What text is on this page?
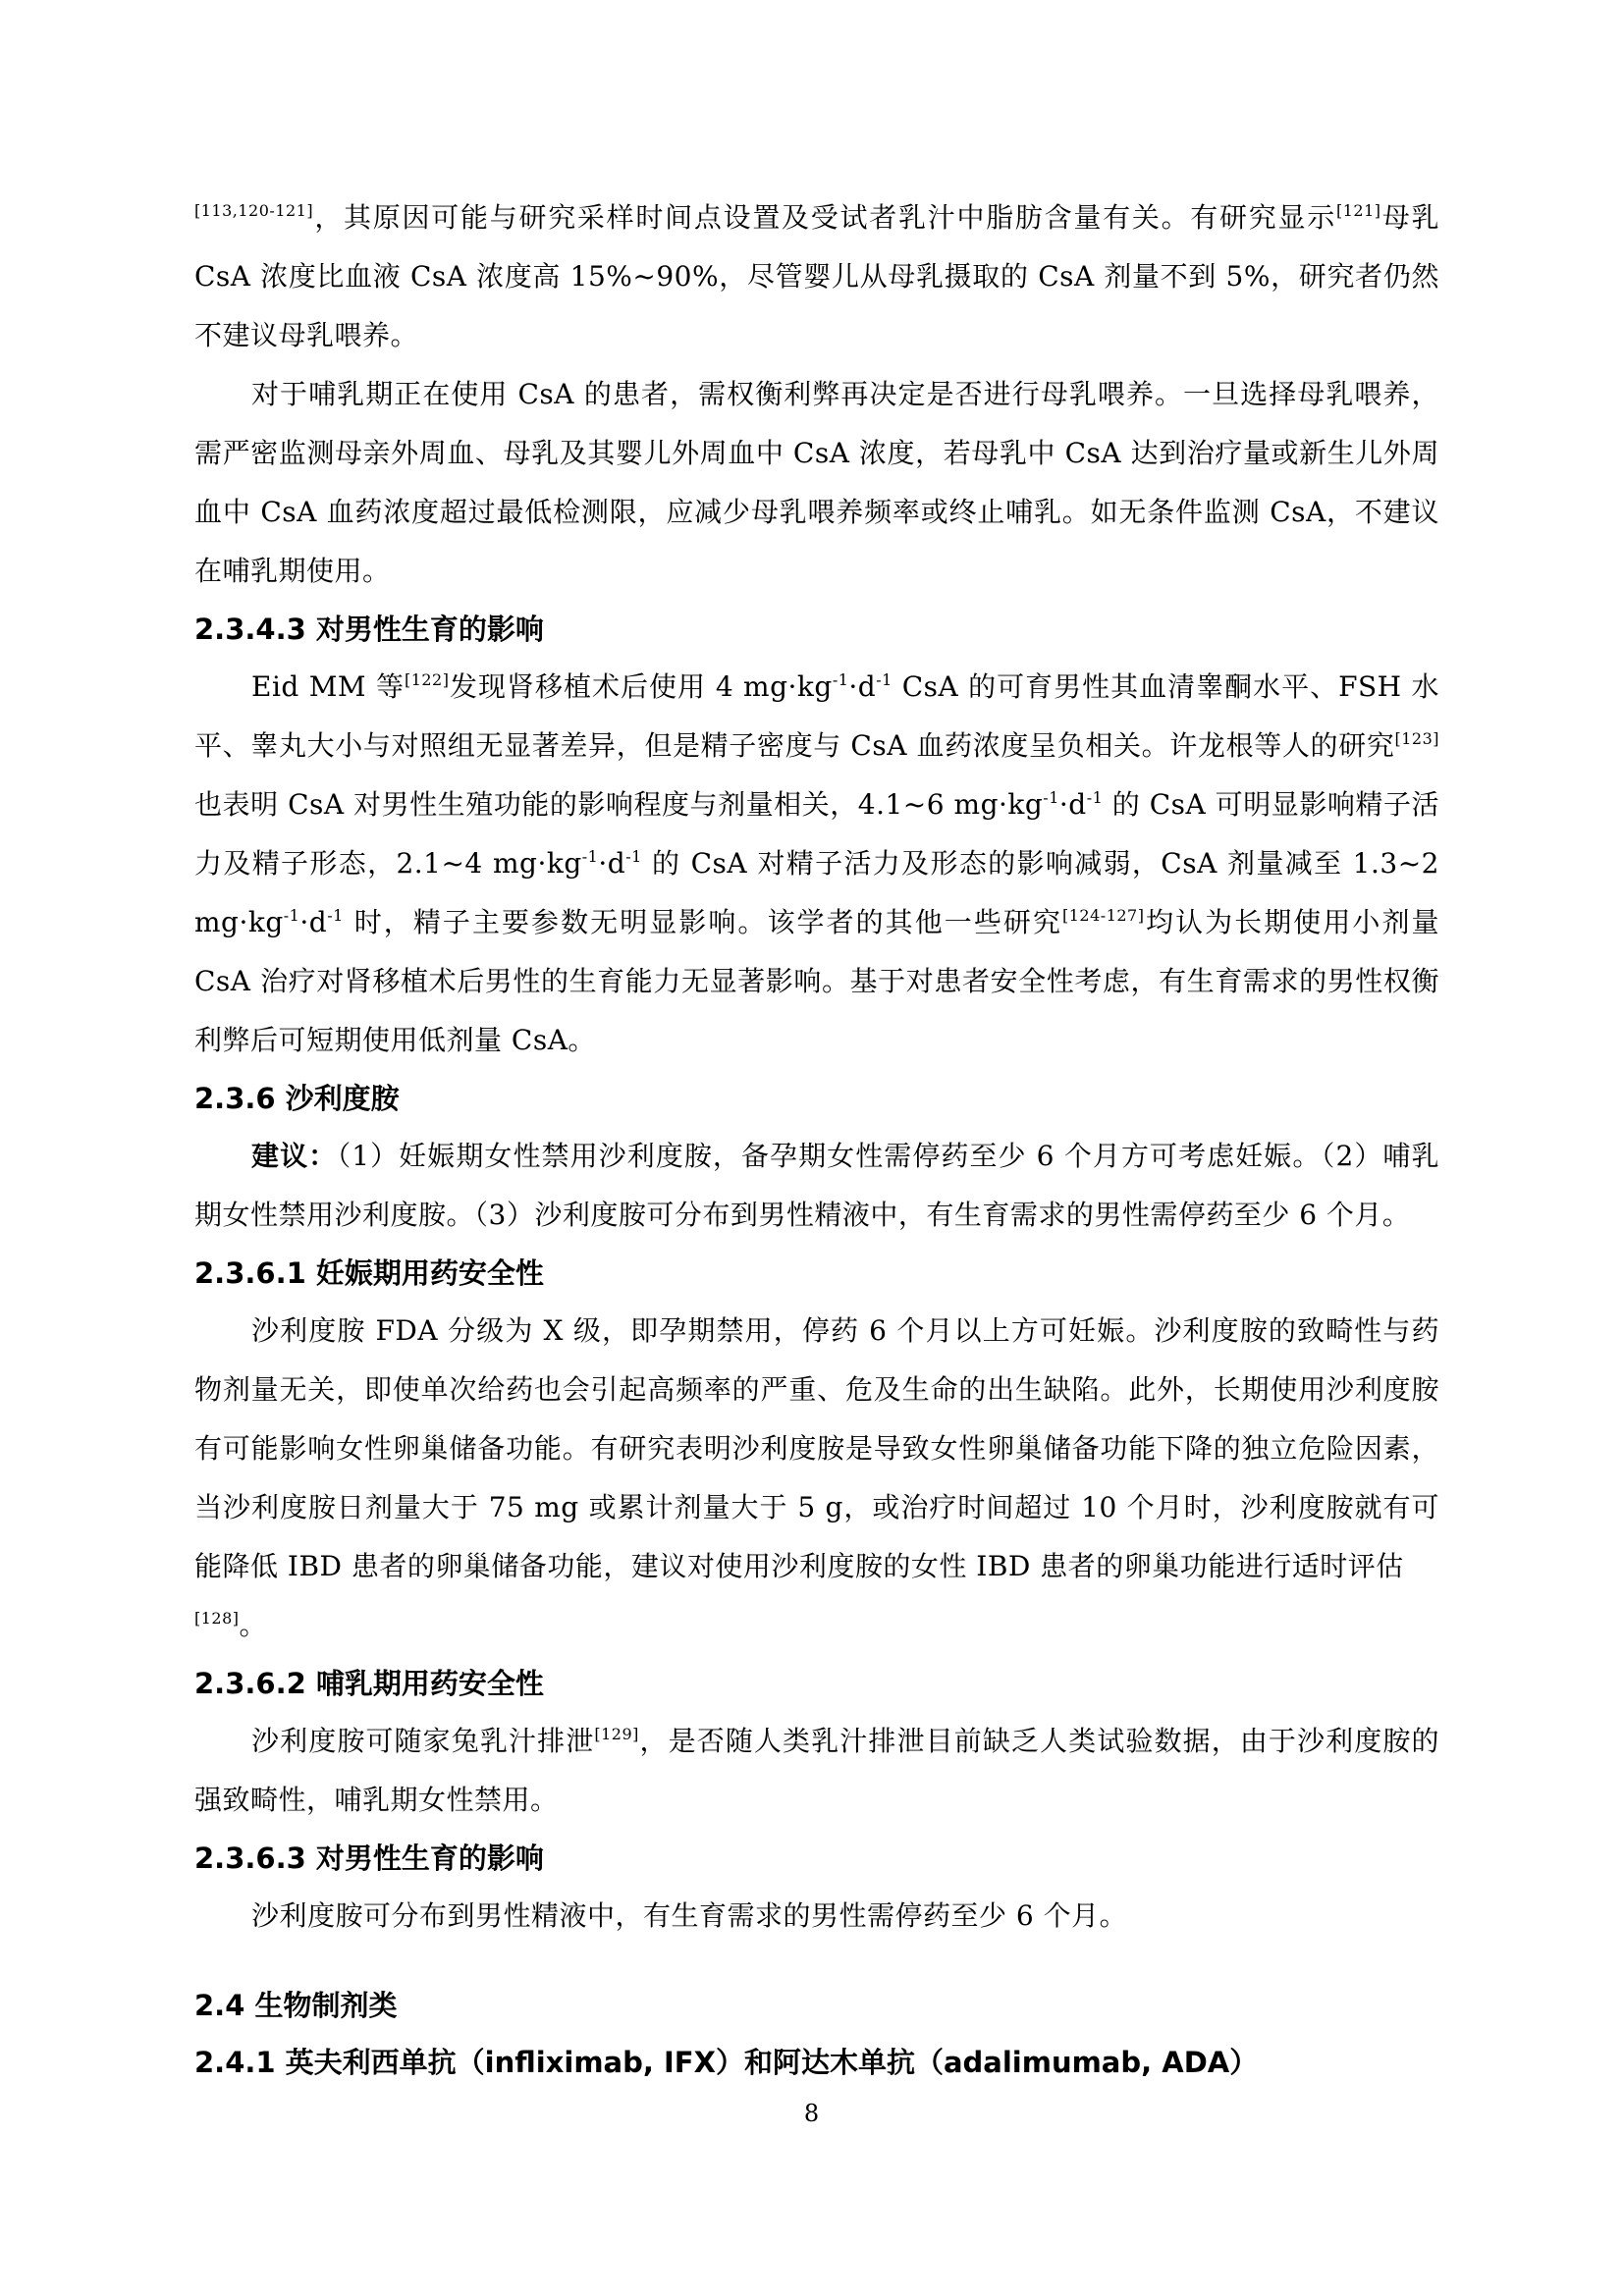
[113,120-121]，其原因可能与研究采样时间点设置及受试者乳汁中脂肪含量有关。有研究显示[121]母乳 CsA 浓度比血液 CsA 浓度高 15%~90%，尽管婴儿从母乳摄取的 CsA 剂量不到 5%，研究者仍然不建议母乳喂养。

对于哺乳期正在使用 CsA 的患者，需权衡利弊再决定是否进行母乳喂养。一旦选择母乳喂养，需严密监测母亲外周血、母乳及其婴儿外周血中 CsA 浓度，若母乳中 CsA 达到治疗量或新生儿外周血中 CsA 血药浓度超过最低检测限，应减少母乳喂养频率或终止哺乳。如无条件监测 CsA，不建议在哺乳期使用。

2.3.4.3 对男性生育的影响

Eid MM 等[122]发现肾移植术后使用 4 $mg\cdot kg^{-1}\cdot d^{-1}$ CsA 的可育男性其血清睾酮水平、FSH 水平、睾丸大小与对照组无显著差异，但是精子密度与 CsA 血药浓度呈负相关。许龙根等人的研究[123]也表明 CsA 对男性生殖功能的影响程度与剂量相关，4.1~6 $mg\cdot kg^{-1}\cdot d^{-1}$ 的 CsA 可明显影响精子活力及精子形态，2.1~4 $mg\cdot kg^{-1}\cdot d^{-1}$ 的 CsA 对精子活力及形态的影响减弱，CsA 剂量减至 1.3~2 $mg\cdot kg^{-1}\cdot d^{-1}$ 时，精子主要参数无明显影响。该学者的其他一些研究[124-127]均认为长期使用小剂量 CsA 治疗对肾移植术后男性的生育能力无显著影响。基于对患者安全性考虑，有生育需求的男性权衡利弊后可短期使用低剂量 CsA。

2.3.6 沙利度胺

建议：（1）妊娠期女性禁用沙利度胺，备孕期女性需停药至少 6 个月方可考虑妊娠。（2）哺乳期女性禁用沙利度胺。（3）沙利度胺可分布到男性精液中，有生育需求的男性需停药至少 6 个月。

2.3.6.1 妊娠期用药安全性

沙利度胺 FDA 分级为 X 级，即孕期禁用，停药 6 个月以上方可妊娠。沙利度胺的致畸性与药物剂量无关，即使单次给药也会引起高频率的严重、危及生命的出生缺陷。此外，长期使用沙利度胺有可能影响女性卵巢储备功能。有研究表明沙利度胺是导致女性卵巢储备功能下降的独立危险因素，当沙利度胺日剂量大于 75 mg 或累计剂量大于 5 g，或治疗时间超过 10 个月时，沙利度胺就有可能降低 IBD 患者的卵巢储备功能，建议对使用沙利度胺的女性 IBD 患者的卵巢功能进行适时评估
[128]。

2.3.6.2 哺乳期用药安全性

沙利度胺可随家兔乳汁排泄[129]，是否随人类乳汁排泄目前缺乏人类试验数据，由于沙利度胺的强致畸性，哺乳期女性禁用。

2.3.6.3 对男性生育的影响

沙利度胺可分布到男性精液中，有生育需求的男性需停药至少 6 个月。

2.4 生物制剂类
2.4.1 英夫利西单抗（infliximab, IFX）和阿达木单抗（adalimumab, ADA）
8
